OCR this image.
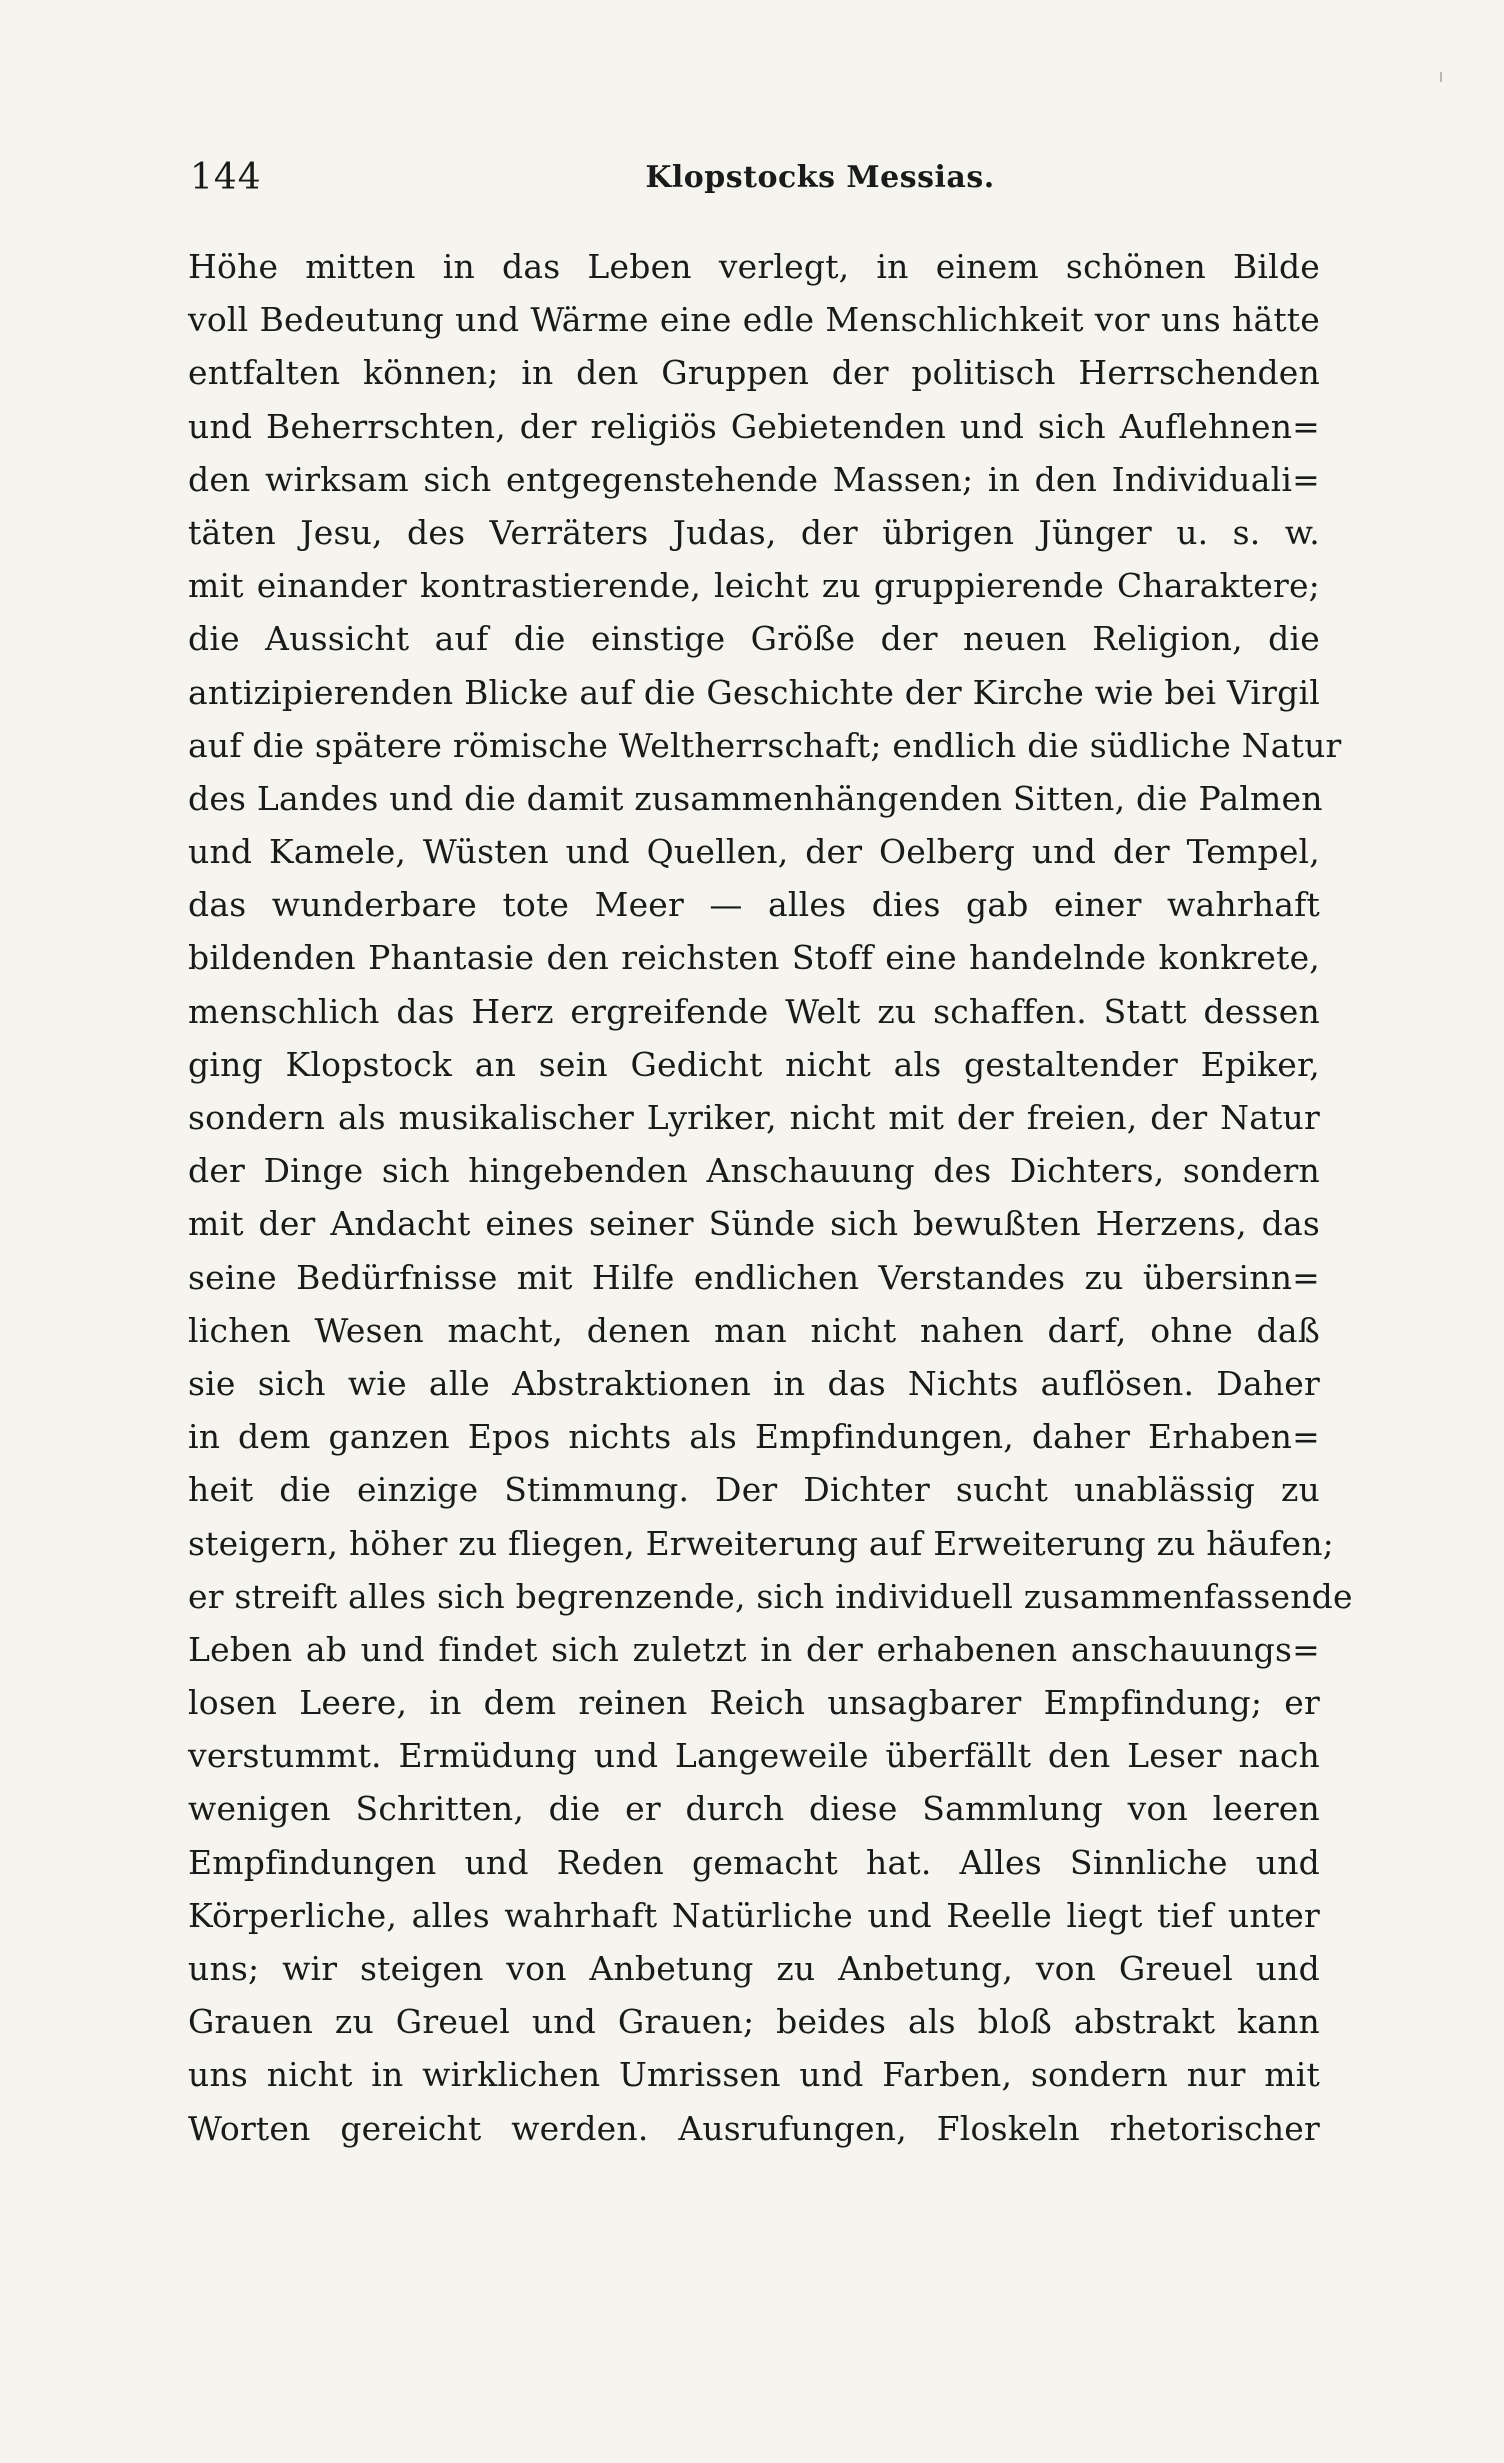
144	Klopstocks Messias.
Höhe mitten in das Leben verlegt, in einem schönen Bilde
voll Bedeutung und Wärme eine edle Menschlichkeit vor uns hätte
entfalten können; in den Gruppen der politisch Herrschenden
und Beherrschten, der religiös Gebietenden und sich Auflehnen=
den wirksam sich entgegenstehende Massen; in den Individuali=
täten Jesu, des Verräters Judas, der übrigen Jünger u. s. w.
mit einander kontrastierende, leicht zu gruppierende Charaktere;
die Aussicht auf die einstige Größe der neuen Religion, die
antizipierenden Blicke auf die Geschichte der Kirche wie bei Virgil
auf die spätere römische Weltherrschaft; endlich die südliche Natur
des Landes und die damit zusammenhängenden Sitten, die Palmen
und Kamele, Wüsten und Quellen, der Oelberg und der Tempel,
das wunderbare tote Meer — alles dies gab einer wahrhaft
bildenden Phantasie den reichsten Stoff eine handelnde konkrete,
menschlich das Herz ergreifende Welt zu schaffen. Statt dessen
ging Klopstock an sein Gedicht nicht als gestaltender Epiker,
sondern als musikalischer Lyriker, nicht mit der freien, der Natur
der Dinge sich hingebenden Anschauung des Dichters, sondern
mit der Andacht eines seiner Sünde sich bewußten Herzens, das
seine Bedürfnisse mit Hilfe endlichen Verstandes zu übersinn=
lichen Wesen macht, denen man nicht nahen darf, ohne daß
sie sich wie alle Abstraktionen in das Nichts auflösen. Daher
in dem ganzen Epos nichts als Empfindungen, daher Erhaben=
heit die einzige Stimmung. Der Dichter sucht unablässig zu
steigern, höher zu fliegen, Erweiterung auf Erweiterung zu häufen;
er streift alles sich begrenzende, sich individuell zusammenfassende
Leben ab und findet sich zuletzt in der erhabenen anschauungs=
losen Leere, in dem reinen Reich unsagbarer Empfindung; er
verstummt. Ermüdung und Langeweile überfällt den Leser nach
wenigen Schritten, die er durch diese Sammlung von leeren
Empfindungen und Reden gemacht hat. Alles Sinnliche und
Körperliche, alles wahrhaft Natürliche und Reelle liegt tief unter
uns; wir steigen von Anbetung zu Anbetung, von Greuel und
Grauen zu Greuel und Grauen; beides als bloß abstrakt kann
uns nicht in wirklichen Umrissen und Farben, sondern nur mit
Worten gereicht werden. Ausrufungen, Floskeln rhetorischer
